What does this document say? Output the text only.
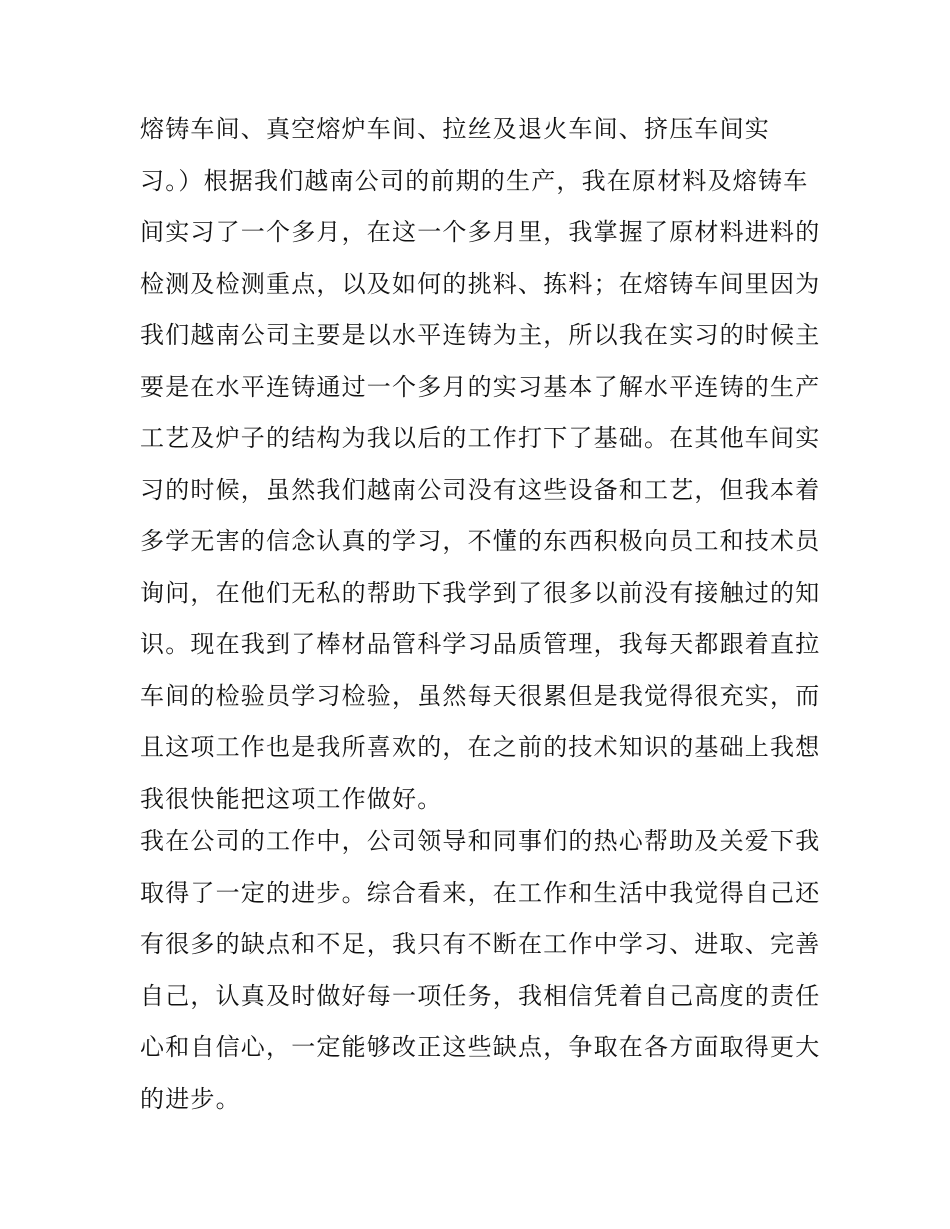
熔铸车间、真空熔炉车间、拉丝及退火车间、挤压车间实
习。）根据我们越南公司的前期的生产，我在原材料及熔铸车
间实习了一个多月，在这一个多月里，我掌握了原材料进料的
检测及检测重点，以及如何的挑料、拣料；在熔铸车间里因为
我们越南公司主要是以水平连铸为主，所以我在实习的时候主
要是在水平连铸通过一个多月的实习基本了解水平连铸的生产
工艺及炉子的结构为我以后的工作打下了基础。在其他车间实
习的时候，虽然我们越南公司没有这些设备和工艺，但我本着
多学无害的信念认真的学习，不懂的东西积极向员工和技术员
询问，在他们无私的帮助下我学到了很多以前没有接触过的知
识。现在我到了棒材品管科学习品质管理，我每天都跟着直拉
车间的检验员学习检验，虽然每天很累但是我觉得很充实，而
且这项工作也是我所喜欢的，在之前的技术知识的基础上我想
我很快能把这项工作做好。
我在公司的工作中，公司领导和同事们的热心帮助及关爱下我
取得了一定的进步。综合看来，在工作和生活中我觉得自己还
有很多的缺点和不足，我只有不断在工作中学习、进取、完善
自己，认真及时做好每一项任务，我相信凭着自己高度的责任
心和自信心，一定能够改正这些缺点，争取在各方面取得更大
的进步。
